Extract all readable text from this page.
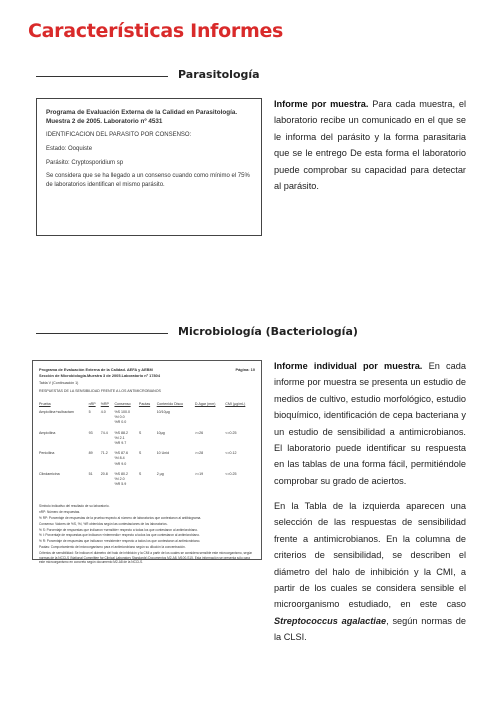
Características Informes
Parasitología
Programa de Evaluación Externa de la Calidad en Parasitología.
Muestra 2 de 2005. Laboratorio nº 4531
IDENTIFICACION DEL PARASITO POR CONSENSO:
Estado: Ooquiste
Parásito: Cryptosporidium sp
Se considera que se ha llegado a un consenso cuando como mínimo el 75% de laboratorios identifican el mismo parásito.
Informe por muestra. Para cada muestra, el laboratorio recibe un comunicado en el que se le informa del parásito y la forma parasitaria que se le entrego De esta forma el laboratorio puede comprobar su capacidad para detectar al parásito.
Microbiología (Bacteriología)
Programa de Evaluación Externa de la Calidad. AEFA y AEBM	Página: 10
Sección de Microbiología.Muestra 3 de 2005.Laboratorio nº 17804
Tabla V (Continuación 1)
RESPUESTAS DE LA SENSIBILIDAD FRENTE A LOS ANTIMICROBIANOS
Prueba	nRP	%RP	Consenso	Pautas	Contenido Disco	D.Agar (mm)	CMI (µg/mL)
Ampicilina+sulbactam	5	4.0	%S 100.0
%I 0.0
%R 0.0		10/10µg		
Ampicilina	93	74.4	%S 88.2
%I 2.1
%R 9.7	S	10µg	>=26	<=0.25
Penicilina	89	71.2	%S 87.6
%I 8.4
%R 9.0	S	10 Unid	>=28	<=0.12
Clindamicina	51	20.8	%S 80.2
%I 2.0
%R 5.9	S	2 µg	>=19	<=0.25
Símbolo indicativo del resultado de su laboratorio.
nRP: Número de respuestas.
% RP: Porcentaje de respuestas de la prueba respecto al número de laboratorios que contestaron al antibiograma.
Consenso: Valores de %S, %I, %R obtenidos según las contestaciones de los laboratorios.
% S: Porcentaje de respuestas que indicaron «sensible» respecto a todas los que contestaron al antimicrobiano.
% I: Porcentaje de respuestas que indicaron «intermedio» respecto a todos los que contestaron al antimicrobiano.
% R: Porcentaje de respuestas que indicaron «resistente» respecto a todos los que contestaron al antimicrobiano.
Pautas: Comportamiento del microorganismo para el antimicrobiano según su dilución la concentración.
Criterios de sensibilidad: Se indican el diámetro del halo de inhibición y la CMI a partir de los cuales se considera sensible este microorganismo, según normas de la NCCLS (National Committee for Clinical Laboratory Standards) Documentos M2-A8, M100-S15. Esta información se presenta sólo para este microorganismo en concreto según documento M2-A8 de la NCCLS.
Informe individual por muestra. En cada informe por muestra se presenta un estudio de medios de cultivo, estudio morfológico, estudio bioquímico, identificación de cepa bacteriana y un estudio de sensibilidad a antimicrobianos. El laboratorio puede identificar su respuesta en las tablas de una forma fácil, permitiéndole comprobar su grado de aciertos.
En la Tabla de la izquierda aparecen una selección de las respuestas de sensibilidad frente a antimicrobianos. En la columna de criterios de sensibilidad, se describen el diámetro del halo de inhibición y la CMI, a partir de los cuales se considera sensible el microorganismo estudiado, en este caso Streptococcus agalactiae, según normas de la CLSI.
